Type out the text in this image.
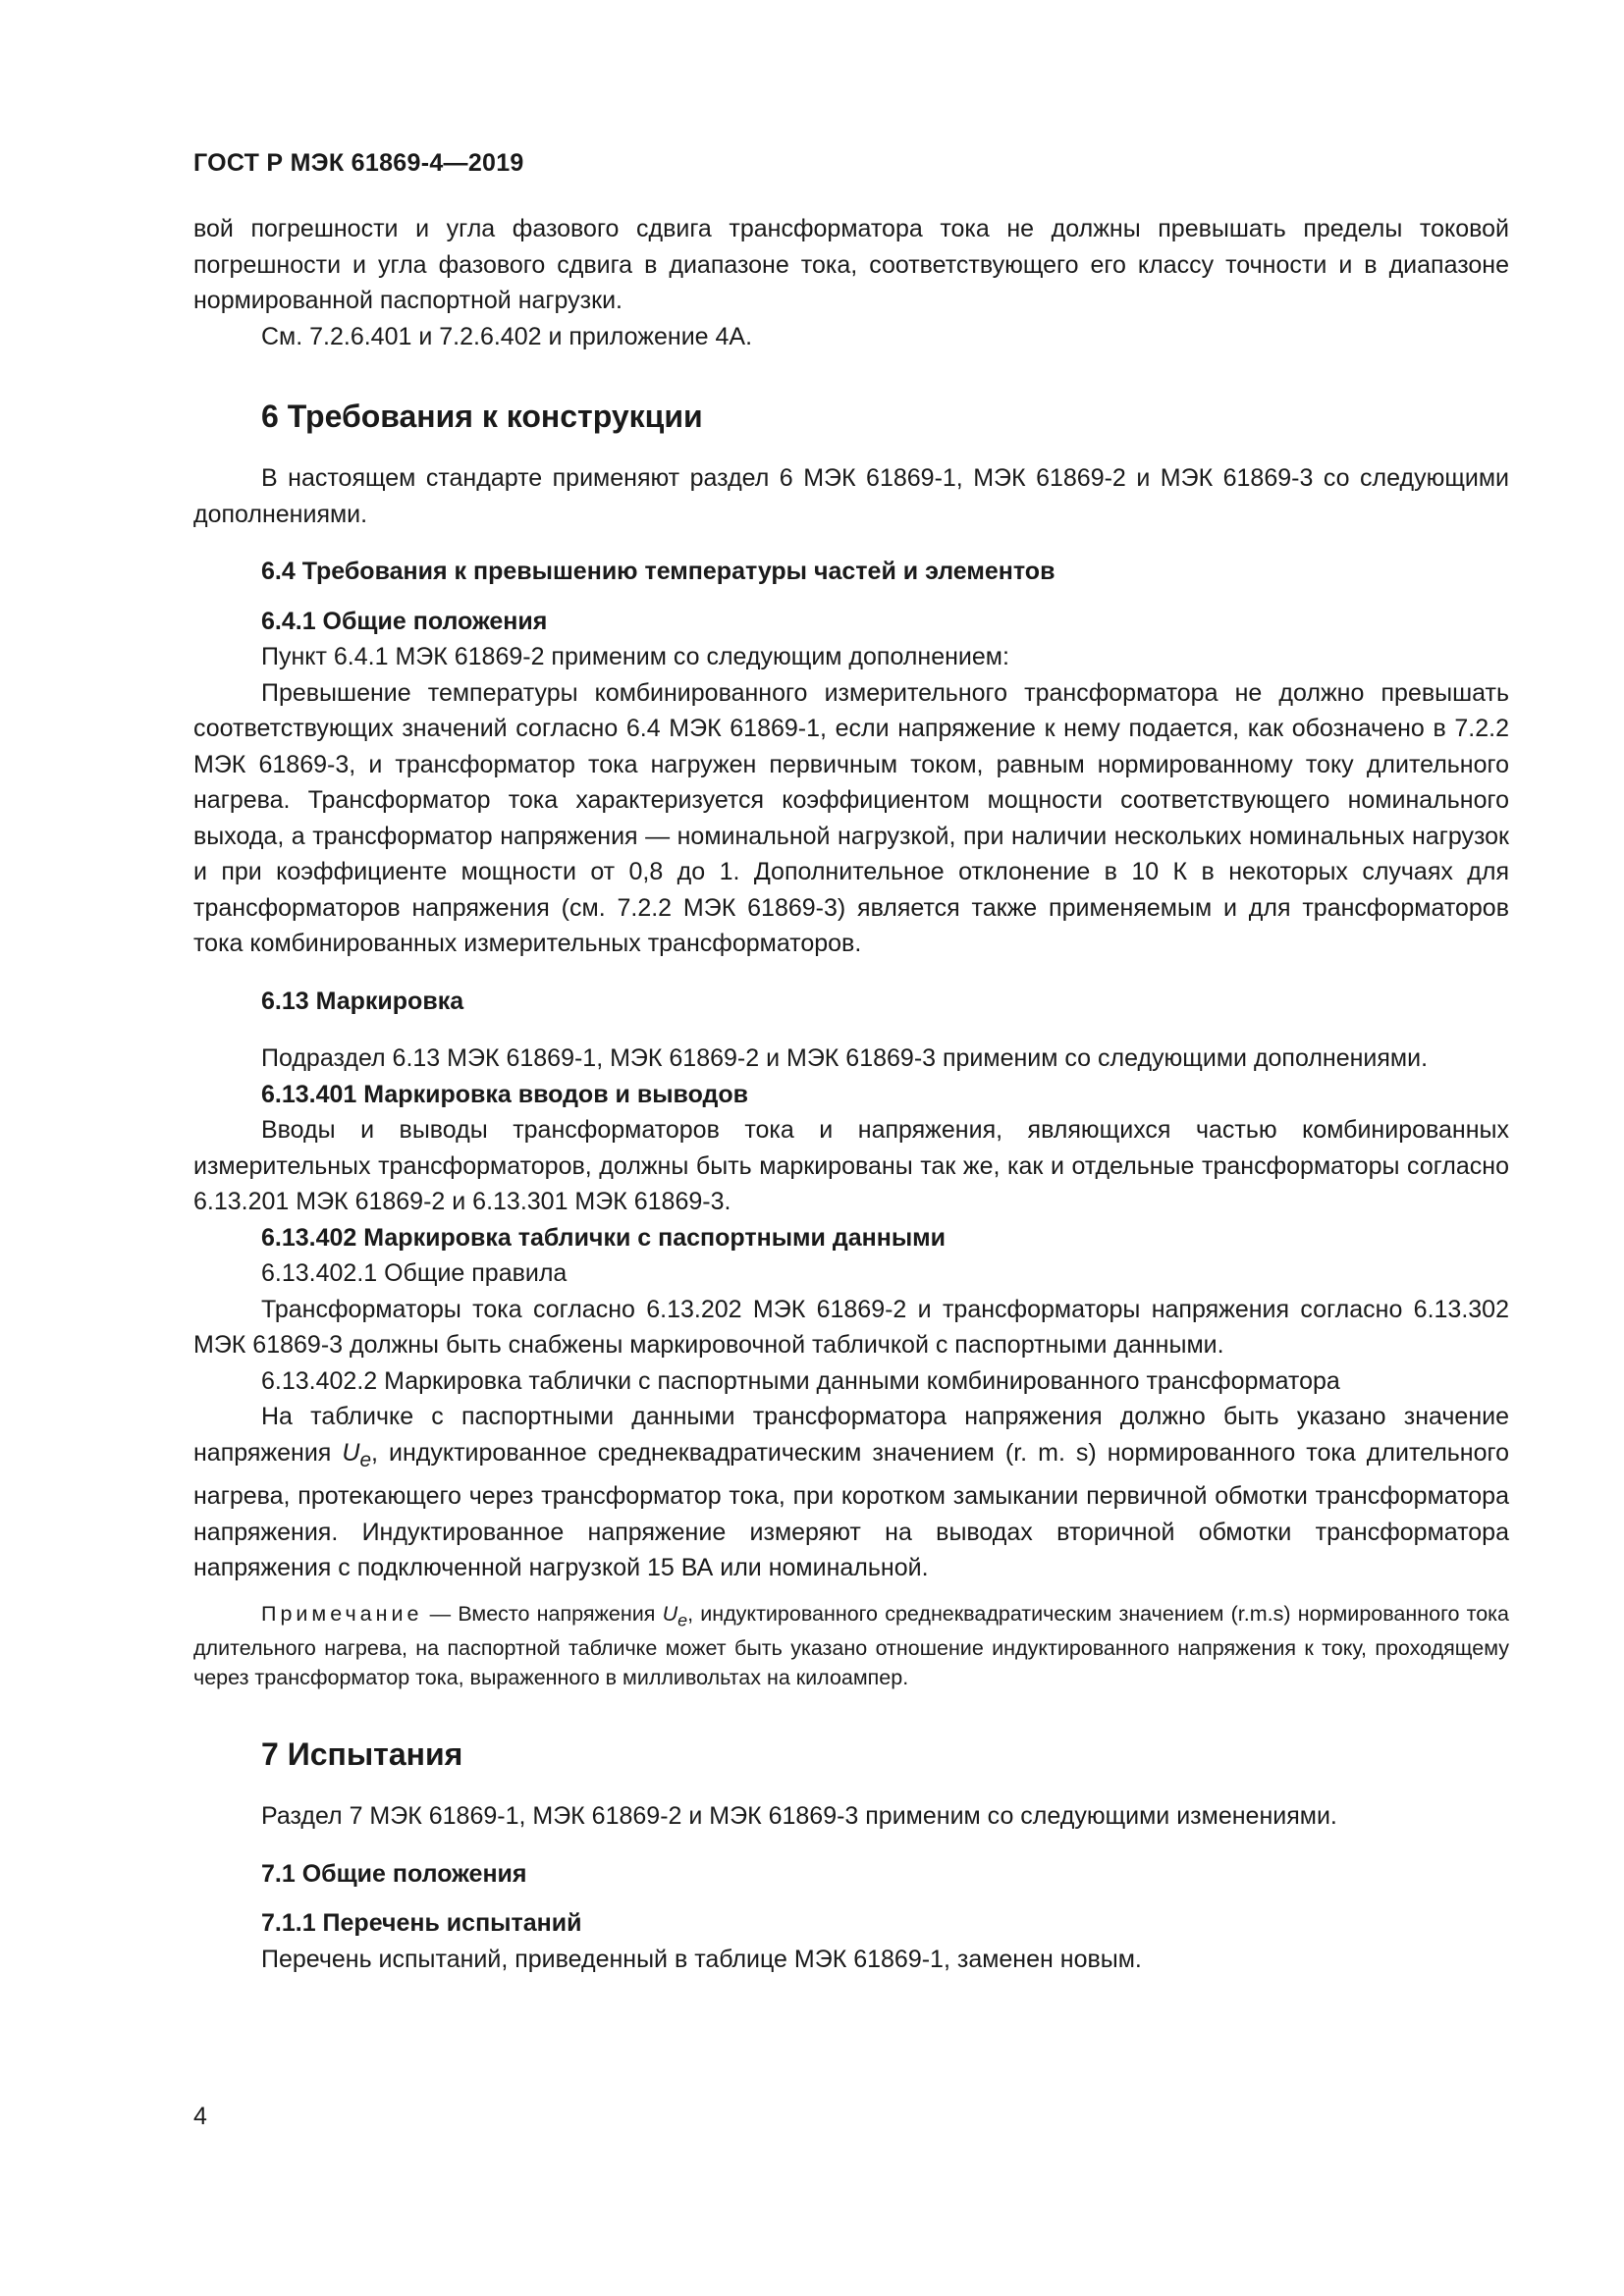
ГОСТ Р МЭК 61869-4—2019

вой погрешности и угла фазового сдвига трансформатора тока не должны превышать пределы токовой погрешности и угла фазового сдвига в диапазоне тока, соответствующего его классу точности и в диапазоне нормированной паспортной нагрузки.

См. 7.2.6.401 и 7.2.6.402 и приложение 4А.

6 Требования к конструкции

В настоящем стандарте применяют раздел 6 МЭК 61869-1, МЭК 61869-2 и МЭК 61869-3 со следующими дополнениями.

6.4 Требования к превышению температуры частей и элементов
6.4.1 Общие положения

Пункт 6.4.1 МЭК 61869-2 применим со следующим дополнением:

Превышение температуры комбинированного измерительного трансформатора не должно превышать соответствующих значений согласно 6.4 МЭК 61869-1, если напряжение к нему подается, как обозначено в 7.2.2 МЭК 61869-3, и трансформатор тока нагружен первичным током, равным нормированному току длительного нагрева. Трансформатор тока характеризуется коэффициентом мощности соответствующего номинального выхода, а трансформатор напряжения — номинальной нагрузкой, при наличии нескольких номинальных нагрузок и при коэффициенте мощности от 0,8 до 1. Дополнительное отклонение в 10 К в некоторых случаях для трансформаторов напряжения (см. 7.2.2 МЭК 61869-3) является также применяемым и для трансформаторов тока комбинированных измерительных трансформаторов.

6.13 Маркировка

Подраздел 6.13 МЭК 61869-1, МЭК 61869-2 и МЭК 61869-3 применим со следующими дополнениями.

6.13.401 Маркировка вводов и выводов

Вводы и выводы трансформаторов тока и напряжения, являющихся частью комбинированных измерительных трансформаторов, должны быть маркированы так же, как и отдельные трансформаторы согласно 6.13.201 МЭК 61869-2 и 6.13.301 МЭК 61869-3.

6.13.402 Маркировка таблички с паспортными данными

6.13.402.1 Общие правила

Трансформаторы тока согласно 6.13.202 МЭК 61869-2 и трансформаторы напряжения согласно 6.13.302 МЭК 61869-3 должны быть снабжены маркировочной табличкой с паспортными данными.

6.13.402.2 Маркировка таблички с паспортными данными комбинированного трансформатора

На табличке с паспортными данными трансформатора напряжения должно быть указано значение напряжения $U_e$, индуктированное среднеквадратическим значением (r. m. s) нормированного тока длительного нагрева, протекающего через трансформатор тока, при коротком замыкании первичной обмотки трансформатора напряжения. Индуктированное напряжение измеряют на выводах вторичной обмотки трансформатора напряжения с подключенной нагрузкой 15 ВА или номинальной.

Примечание — Вместо напряжения $U_e$, индуктированного среднеквадратическим значением (r.m.s) нормированного тока длительного нагрева, на паспортной табличке может быть указано отношение индуктированного напряжения к току, проходящему через трансформатор тока, выраженного в милливольтах на килоампер.

7 Испытания

Раздел 7 МЭК 61869-1, МЭК 61869-2 и МЭК 61869-3 применим со следующими изменениями.

7.1 Общие положения
7.1.1 Перечень испытаний

Перечень испытаний, приведенный в таблице МЭК 61869-1, заменен новым.

4
